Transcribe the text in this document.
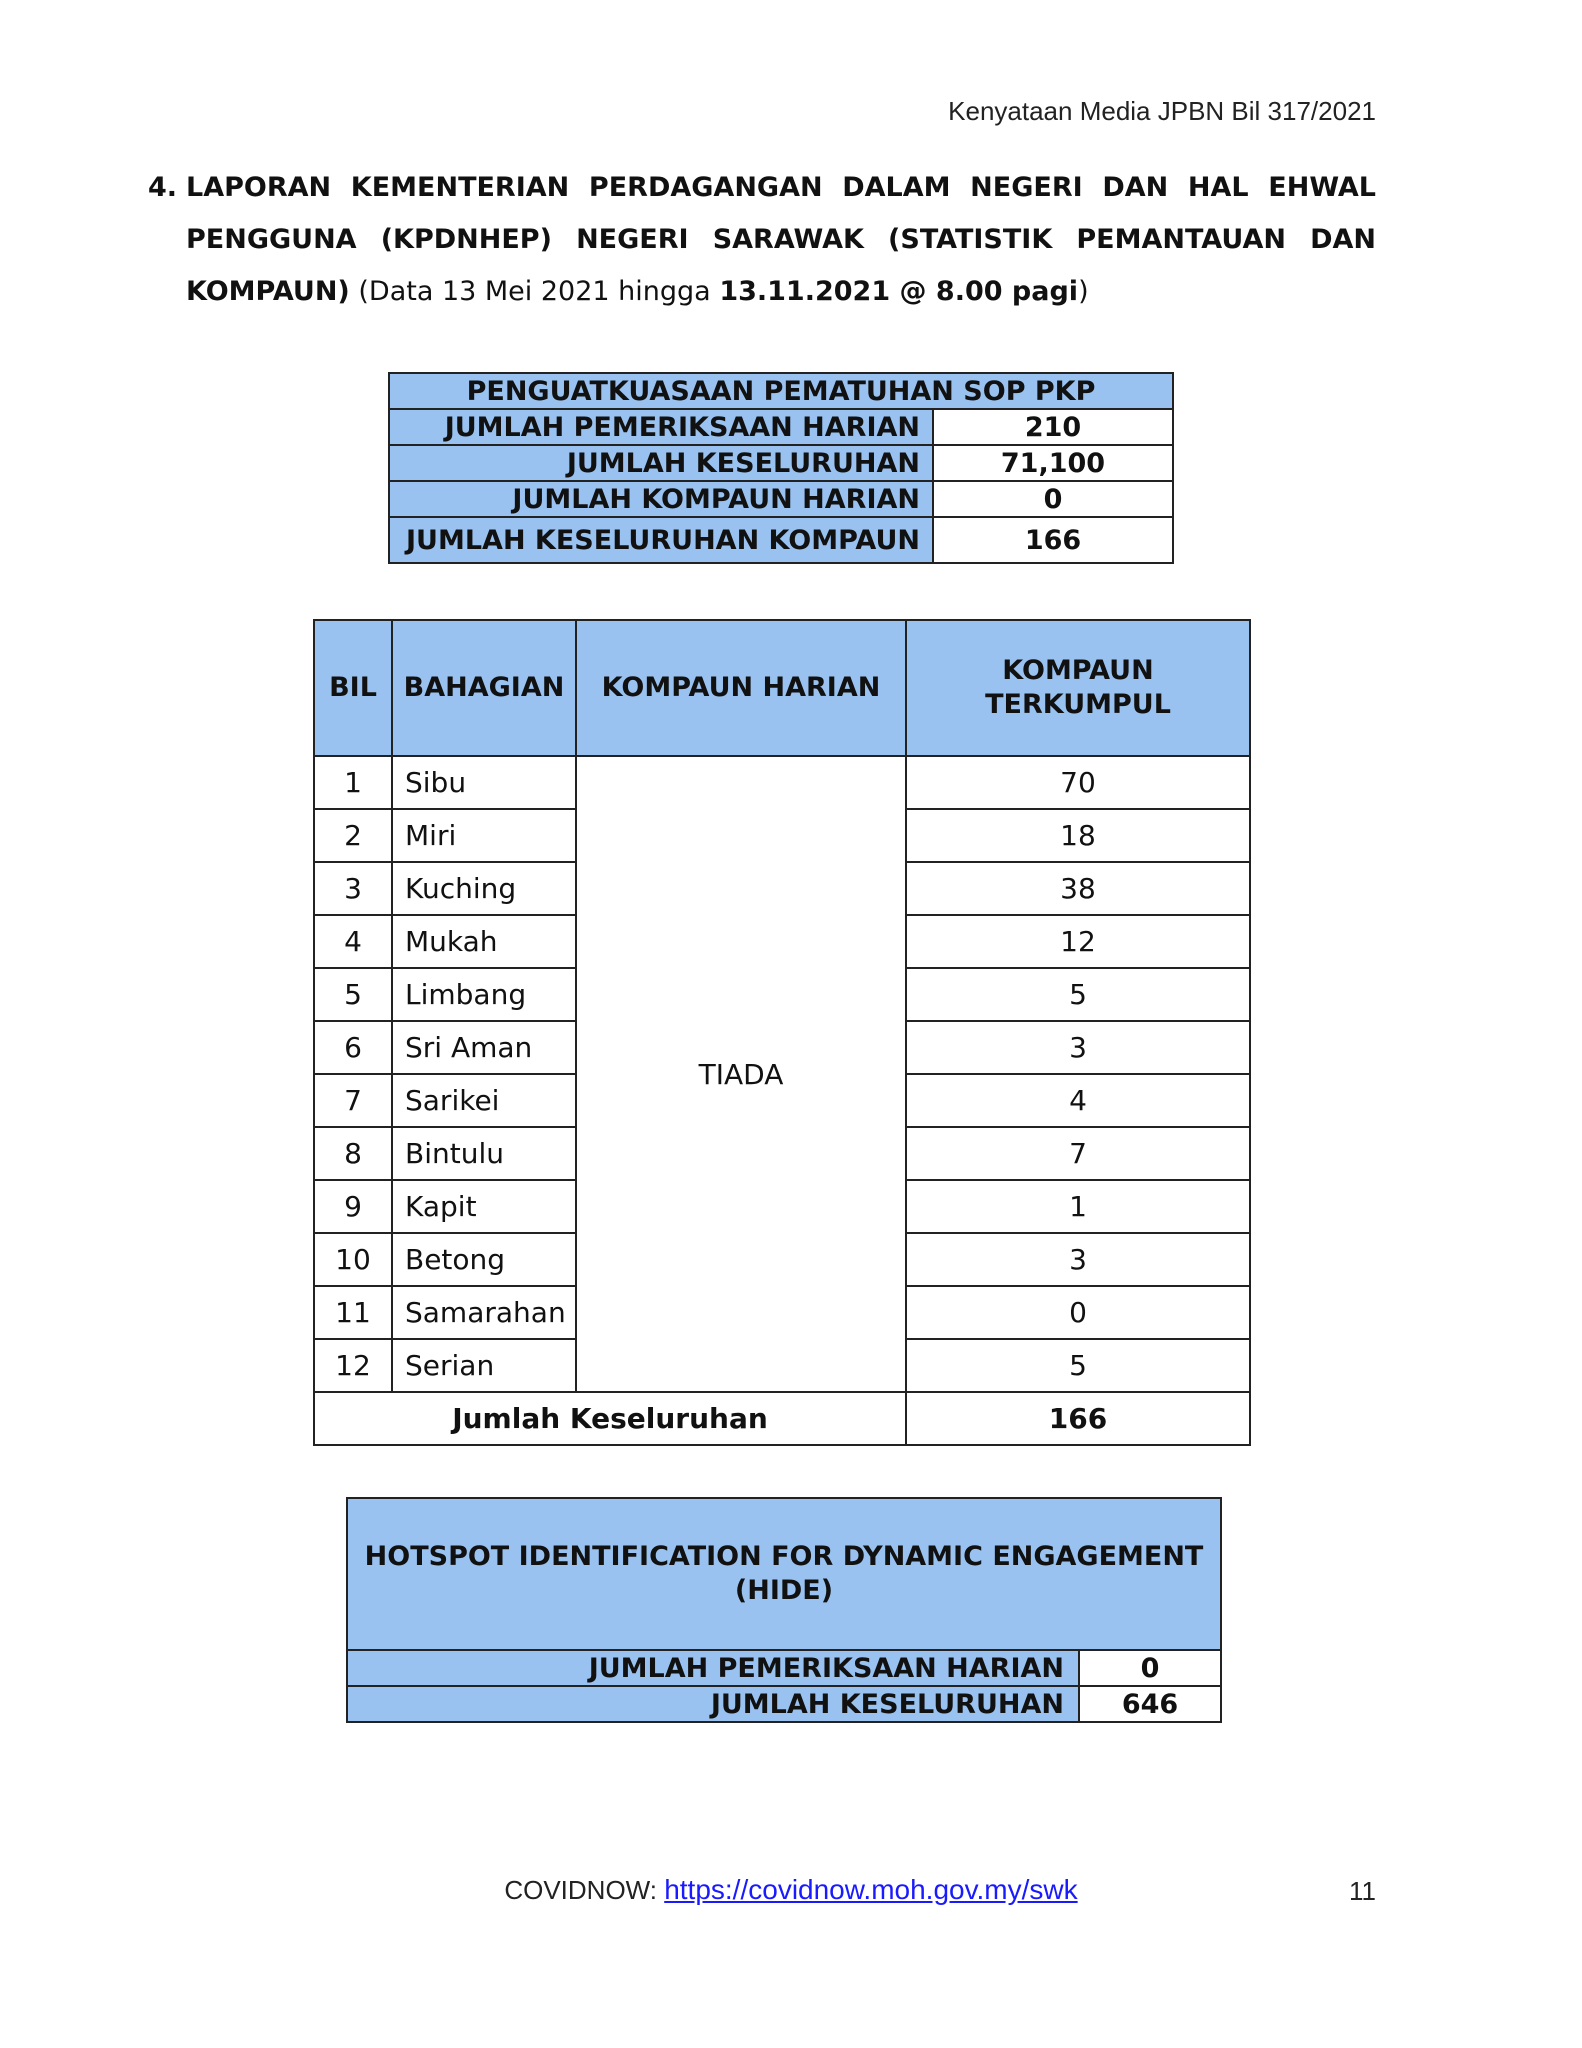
Kenyataan Media JPBN Bil 317/2021
4. LAPORAN KEMENTERIAN PERDAGANGAN DALAM NEGERI DAN HAL EHWAL PENGGUNA (KPDNHEP) NEGERI SARAWAK (STATISTIK PEMANTAUAN DAN KOMPAUN) (Data 13 Mei 2021 hingga 13.11.2021 @ 8.00 pagi)
PENGUATKUASAAN PEMATUHAN SOP PKP	
JUMLAH PEMERIKSAAN HARIAN	210
JUMLAH KESELURUHAN	71,100
JUMLAH KOMPAUN HARIAN	0
JUMLAH KESELURUHAN KOMPAUN	166
BIL	BAHAGIAN	KOMPAUN HARIAN	KOMPAUN TERKUMPUL
1	Sibu	TIADA	70
2	Miri		18
3	Kuching		38
4	Mukah		12
5	Limbang		5
6	Sri Aman		3
7	Sarikei		4
8	Bintulu		7
9	Kapit		1
10	Betong		3
11	Samarahan		0
12	Serian		5
Jumlah Keseluruhan			166
HOTSPOT IDENTIFICATION FOR DYNAMIC ENGAGEMENT (HIDE)	
JUMLAH PEMERIKSAAN HARIAN	0
JUMLAH KESELURUHAN	646
COVIDNOW: https://covidnow.moh.gov.my/swk	11
